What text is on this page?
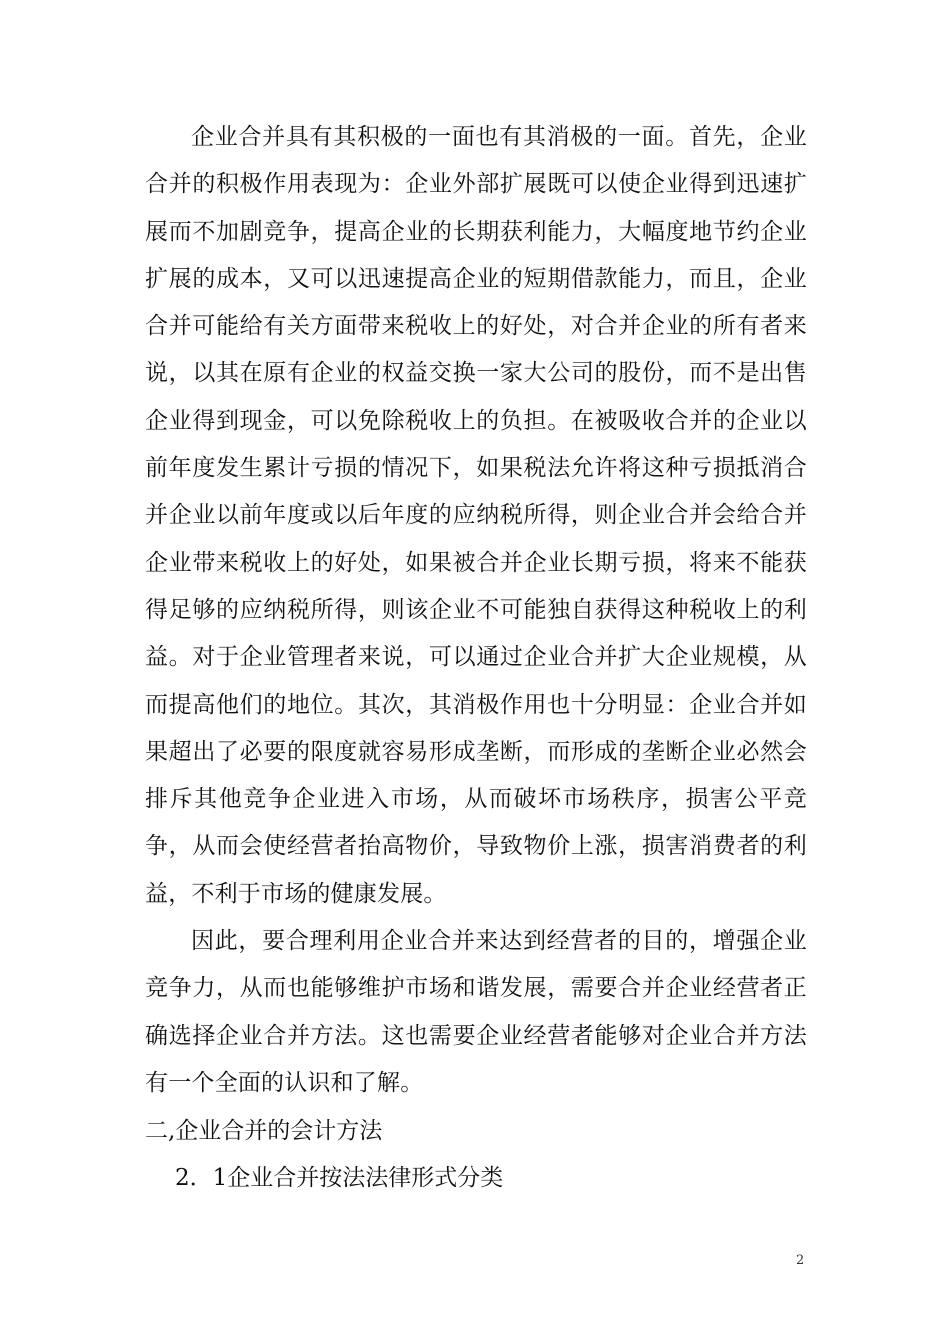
企业合并具有其积极的一面也有其消极的一面。首先，企业合并的积极作用表现为：企业外部扩展既可以使企业得到迅速扩展而不加剧竞争，提高企业的长期获利能力，大幅度地节约企业扩展的成本，又可以迅速提高企业的短期借款能力，而且，企业合并可能给有关方面带来税收上的好处，对合并企业的所有者来说，以其在原有企业的权益交换一家大公司的股份，而不是出售企业得到现金，可以免除税收上的负担。在被吸收合并的企业以前年度发生累计亏损的情况下，如果税法允许将这种亏损抵消合并企业以前年度或以后年度的应纳税所得，则企业合并会给合并企业带来税收上的好处，如果被合并企业长期亏损，将来不能获得足够的应纳税所得，则该企业不可能独自获得这种税收上的利益。对于企业管理者来说，可以通过企业合并扩大企业规模，从而提高他们的地位。其次，其消极作用也十分明显：企业合并如果超出了必要的限度就容易形成垄断，而形成的垄断企业必然会排斥其他竞争企业进入市场，从而破坏市场秩序，损害公平竞争，从而会使经营者抬高物价，导致物价上涨，损害消费者的利益，不利于市场的健康发展。

因此，要合理利用企业合并来达到经营者的目的，增强企业竞争力，从而也能够维护市场和谐发展，需要合并企业经营者正确选择企业合并方法。这也需要企业经营者能够对企业合并方法有一个全面的认识和了解。

二,企业合并的会计方法
2．1企业合并按法法律形式分类
2
